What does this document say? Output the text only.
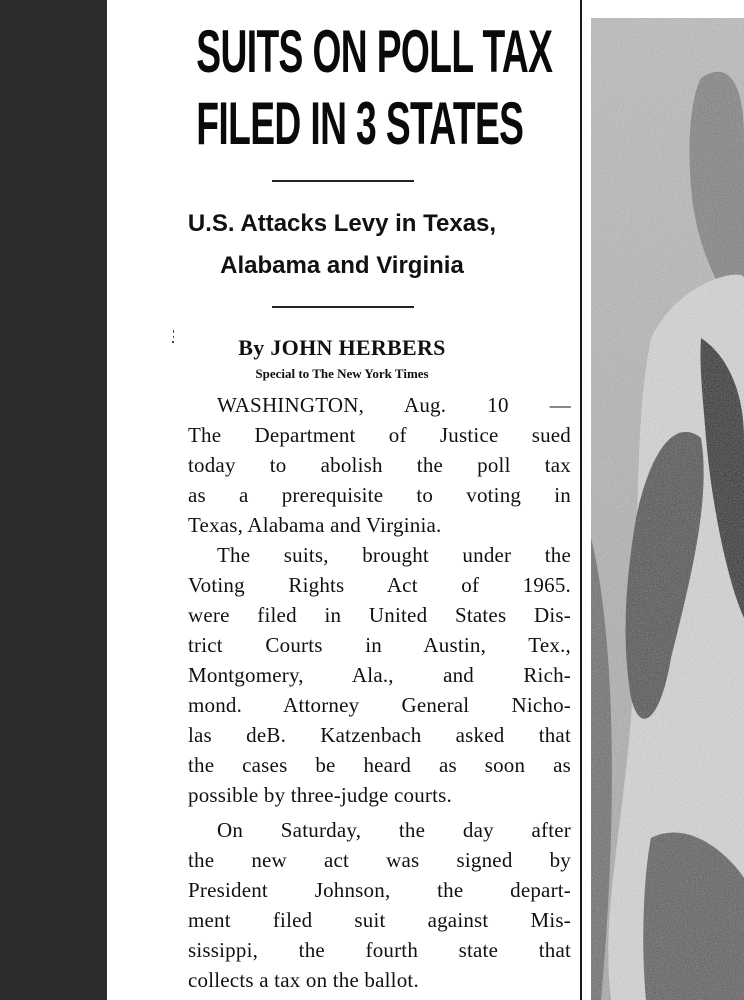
SUITS ON POLL TAX
FILED IN 3 STATES
U.S. Attacks Levy in Texas,
Alabama and Virginia
By JOHN HERBERS
Special to The New York Times
WASHINGTON, Aug. 10 —
The Department of Justice sued
today to abolish the poll tax
as a prerequisite to voting in
Texas, Alabama and Virginia.
The suits, brought under the
Voting Rights Act of 1965.
were filed in United States Dis-
trict Courts in Austin, Tex.,
Montgomery, Ala., and Rich-
mond. Attorney General Nicho-
las deB. Katzenbach asked that
the cases be heard as soon as
possible by three-judge courts.
On Saturday, the day after
the new act was signed by
President Johnson, the depart-
ment filed suit against Mis-
sissippi, the fourth state that
collects a tax on the ballot.
